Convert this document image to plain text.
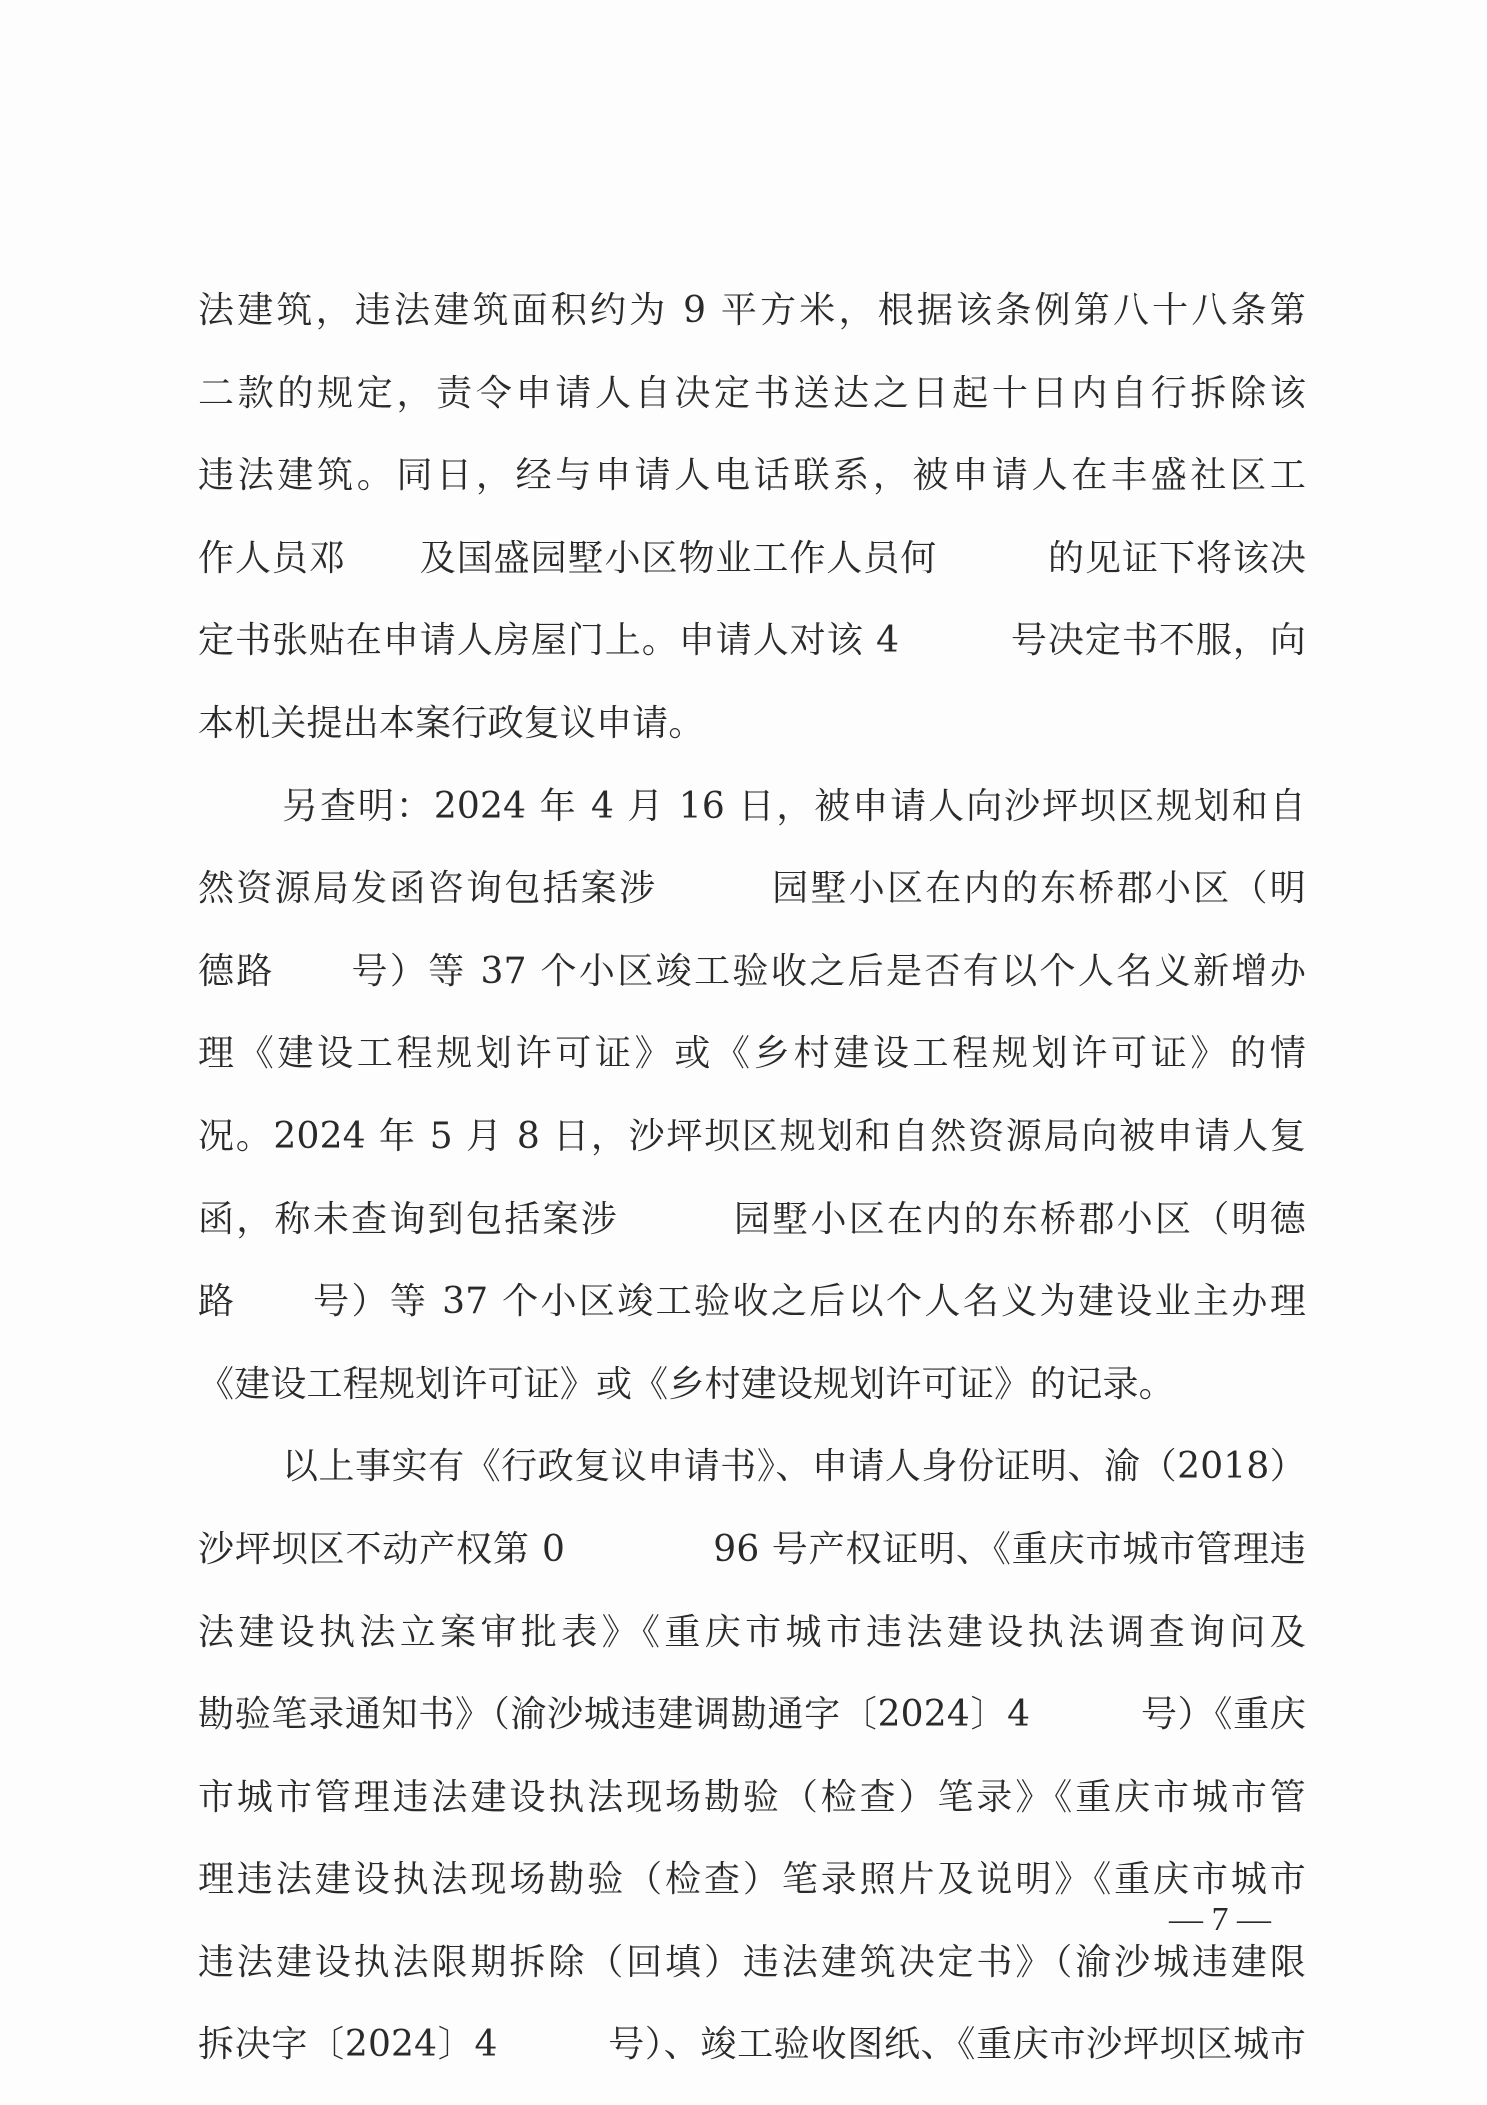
法建筑，违法建筑面积约为 9 平方米，根据该条例第八十八条第
二款的规定，责令申请人自决定书送达之日起十日内自行拆除该
违法建筑。同日，经与申请人电话联系，被申请人在丰盛社区工
作人员邓　　及国盛园墅小区物业工作人员何　　　的见证下将该决
定书张贴在申请人房屋门上。申请人对该 4　　　号决定书不服，向
本机关提出本案行政复议申请。
另查明：2024 年 4 月 16 日，被申请人向沙坪坝区规划和自
然资源局发函咨询包括案涉　　　园墅小区在内的东桥郡小区（明
德路　　号）等 37 个小区竣工验收之后是否有以个人名义新增办
理《建设工程规划许可证》或《乡村建设工程规划许可证》的情
况。2024 年 5 月 8 日，沙坪坝区规划和自然资源局向被申请人复
函，称未查询到包括案涉　　　园墅小区在内的东桥郡小区（明德
路　　号）等 37 个小区竣工验收之后以个人名义为建设业主办理
《建设工程规划许可证》或《乡村建设规划许可证》的记录。
以上事实有《行政复议申请书》、申请人身份证明、渝（2018）
沙坪坝区不动产权第 0　　　　96 号产权证明、《重庆市城市管理违
法建设执法立案审批表》《重庆市城市违法建设执法调查询问及
勘验笔录通知书》（渝沙城违建调勘通字〔2024〕4　　　号）《重庆
市城市管理违法建设执法现场勘验（检查）笔录》《重庆市城市管
理违法建设执法现场勘验（检查）笔录照片及说明》《重庆市城市
违法建设执法限期拆除（回填）违法建筑决定书》（渝沙城违建限
拆决字〔2024〕4　　　号）、竣工验收图纸、《重庆市沙坪坝区城市
— 7 —
